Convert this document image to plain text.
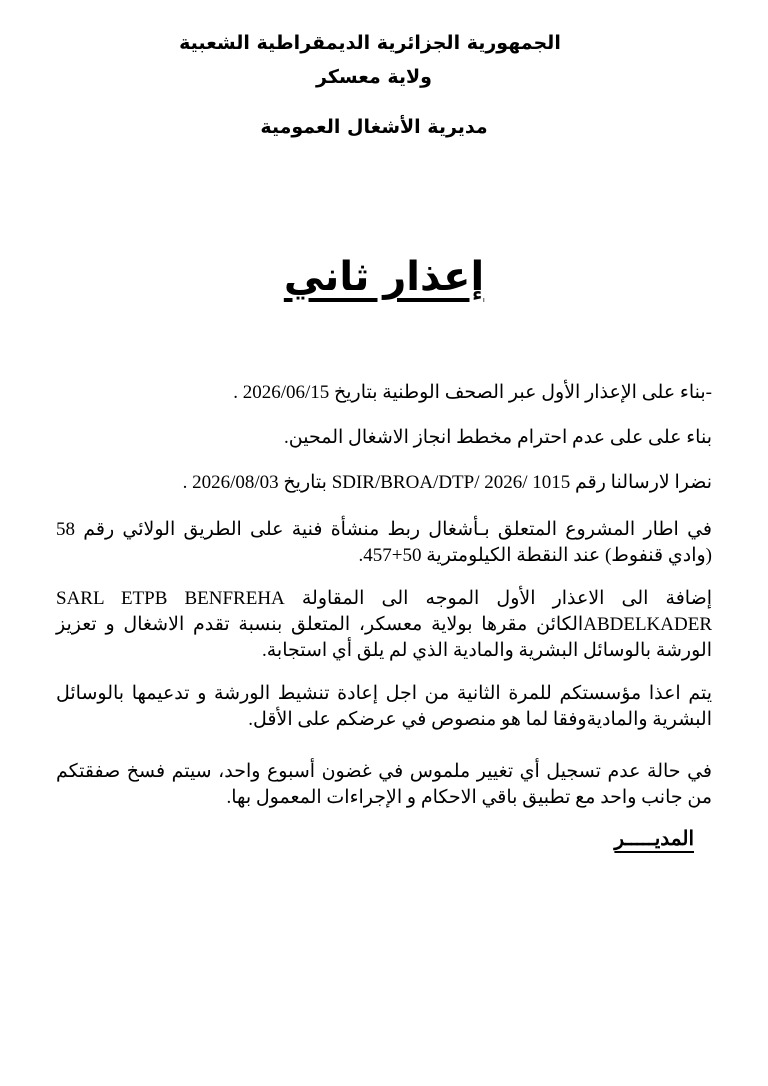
الجمهورية الجزائرية الديمقراطية الشعبية
ولاية معسكر
مديرية الأشغال العمومية
إعذار ثاني
-بناء على الإعذار الأول عبر الصحف الوطنية بتاريخ 2026/06/15 .
بناء على على عدم احترام مخطط انجاز الاشغال المحين.
نضرا لارسالنا رقم 1015 /SDIR/BROA/DTP/ 2026 بتاريخ 2026/08/03 .
في اطار المشروع المتعلق بـأشغال ربط منشأة فنية على الطريق الولائي رقم 58 (وادي قنفوط) عند النقطة الكيلومترية 50+457.
إضافة الى الاعذار الأول الموجه الى المقاولة SARL ETPB BENFREHA ABDELKADERالكائن مقرها بولاية معسكر، المتعلق بنسبة تقدم الاشغال و تعزيز الورشة بالوسائل البشرية والمادية الذي لم يلق أي استجابة.
يتم اعذا مؤسستكم للمرة الثانية من اجل إعادة تنشيط الورشة و تدعيمها بالوسائل البشرية والماديةوفقا لما هو منصوص في عرضكم على الأقل.
في حالة عدم تسجيل أي تغيير ملموس في غضون أسبوع واحد، سيتم فسخ صفقتكم من جانب واحد مع تطبيق باقي الاحكام و الإجراءات المعمول بها.
المديـــــر
